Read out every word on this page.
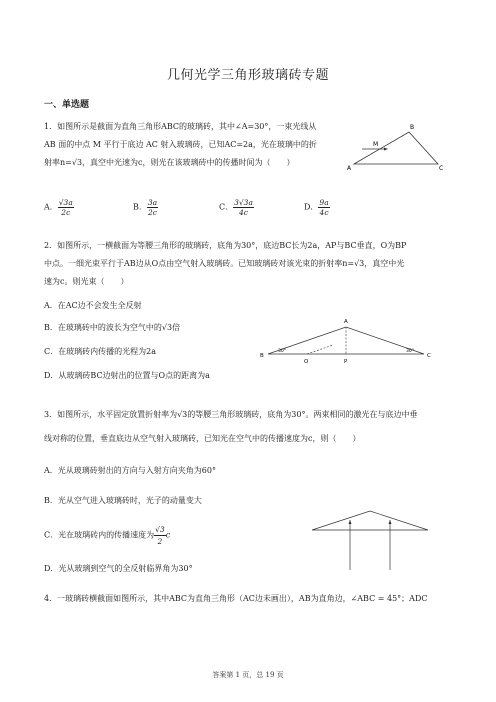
几何光学三角形玻璃砖专题
一、单选题
1．如图所示是截面为直角三角形ABC的玻璃砖，其中∠A=30°，一束光线从
AB 面的中点 M 平行于底边 AC 射入玻璃砖，已知AC=2a，光在玻璃中的折
射率n=√3，真空中光速为c，则光在该玻璃砖中的传播时间为（　　）
B
M
A	C
A． $\frac{√3a}{2c}$	B． $\frac{3a}{2c}$	C． $\frac{3√3a}{4c}$	D． $\frac{9a}{4c}$
2．如图所示，一横截面为等腰三角形的玻璃砖，底角为30°，底边BC长为2a，AP与BC垂直，O为BP
中点。一细光束平行于AB边从O点由空气射入玻璃砖。已知玻璃砖对该光束的折射率n=√3，真空中光
速为c。则光束（　　）
A．在AC边不会发生全反射
B．在玻璃砖中的波长为空气中的√3倍
C．在玻璃砖内传播的光程为2a
D．从玻璃砖BC边射出的位置与O点的距离为a
A
B	C
O	P
30°	30°
3．如图所示，水平固定放置折射率为√3的等腰三角形玻璃砖，底角为30°。两束相同的激光在与底边中垂
线对称的位置，垂直底边从空气射入玻璃砖，已知光在空气中的传播速度为c，则（　　）
A．光从玻璃砖射出的方向与入射方向夹角为60°
B．光从空气进入玻璃砖时，光子的动量变大
C．光在玻璃砖内的传播速度为 $\frac{√3}{2}$ c
D．光从玻璃到空气的全反射临界角为30°
4．一玻璃砖横截面如图所示，其中ABC为直角三角形（AC边未画出），AB为直角边，∠ABC = 45°；ADC
答案第 1 页，总 19 页
